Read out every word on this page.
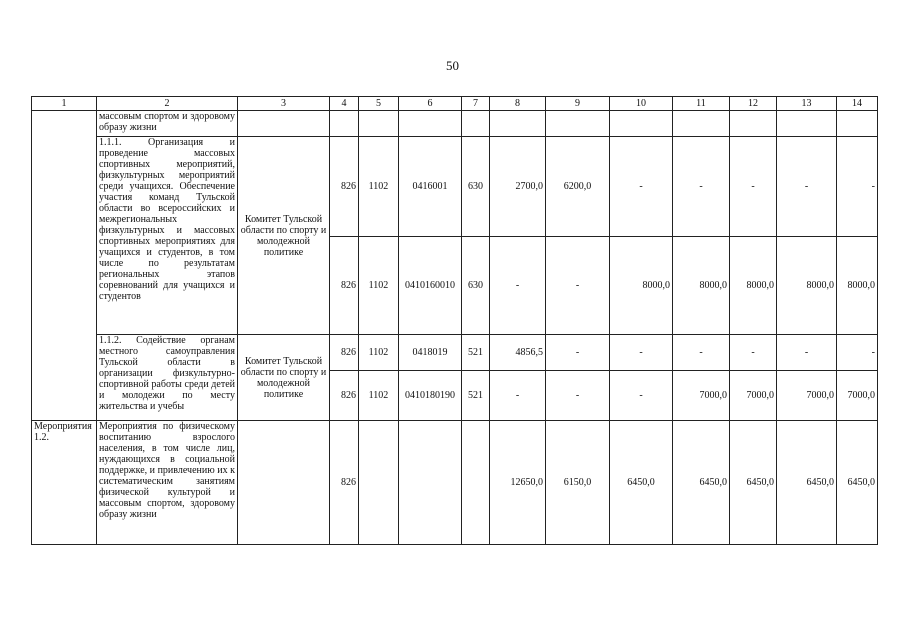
50
1	2	3	4	5	6	7	8	9	10	11	12	13	14
	массовым спортом и здоровому образу жизни												
	1.1.1. Организация и проведение массовых спортивных мероприятий, физкультурных мероприятий среди учащихся. Обеспечение участия команд Тульской области во всероссийских и межрегиональных физкультурных и массовых спортивных мероприятиях для учащихся и студентов, в том числе по результатам региональных этапов соревнований для учащихся и студентов	Комитет Тульской области по спорту и молодежной политике	826	1102	0416001	630	2700,0	6200,0	-	-	-	-	-
			826	1102	0410160010	630	-	-	8000,0	8000,0	8000,0	8000,0	8000,0
	1.1.2. Содействие органам местного самоуправления Тульской области в организации физкультурно-спортивной работы среди детей и молодежи по месту жительства и учебы	Комитет Тульской области по спорту и молодежной политике	826	1102	0418019	521	4856,5	-	-	-	-	-	-
			826	1102	0410180190	521	-	-	-	7000,0	7000,0	7000,0	7000,0
Мероприятия 1.2.	Мероприятия по физическому воспитанию взрослого населения, в том числе лиц, нуждающихся в социальной поддержке, и привлечению их к систематическим занятиям физической культурой и массовым спортом, здоровому образу жизни		826				12650,0	6150,0	6450,0	6450,0	6450,0	6450,0	6450,0
